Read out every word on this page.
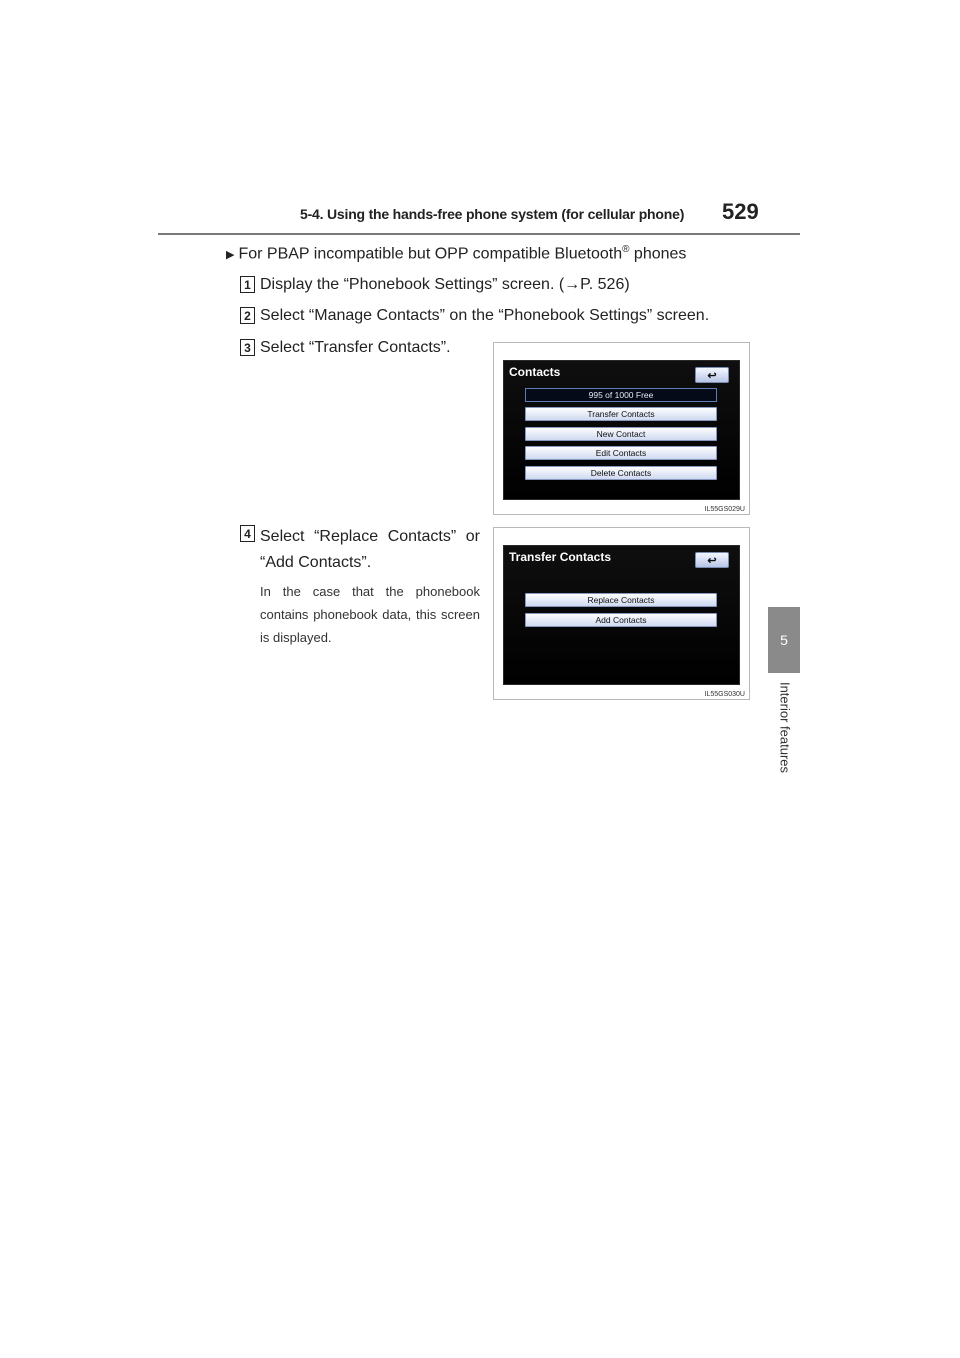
5-4. Using the hands-free phone system (for cellular phone) 529
5
Interior features
▶ For PBAP incompatible but OPP compatible Bluetooth® phones
1 Display the “Phonebook Settings” screen. (→P. 526)
2 Select “Manage Contacts” on the “Phonebook Settings” screen.
3 Select “Transfer Contacts”.
4 Select “Replace Contacts” or “Add Contacts”.
In the case that the phonebook contains phonebook data, this screen is displayed.
Contacts	↩
995 of 1000 Free
Transfer Contacts
New Contact
Edit Contacts
Delete Contacts
IL55GS029U
Transfer Contacts	↩
Replace Contacts
Add Contacts
IL55GS030U
